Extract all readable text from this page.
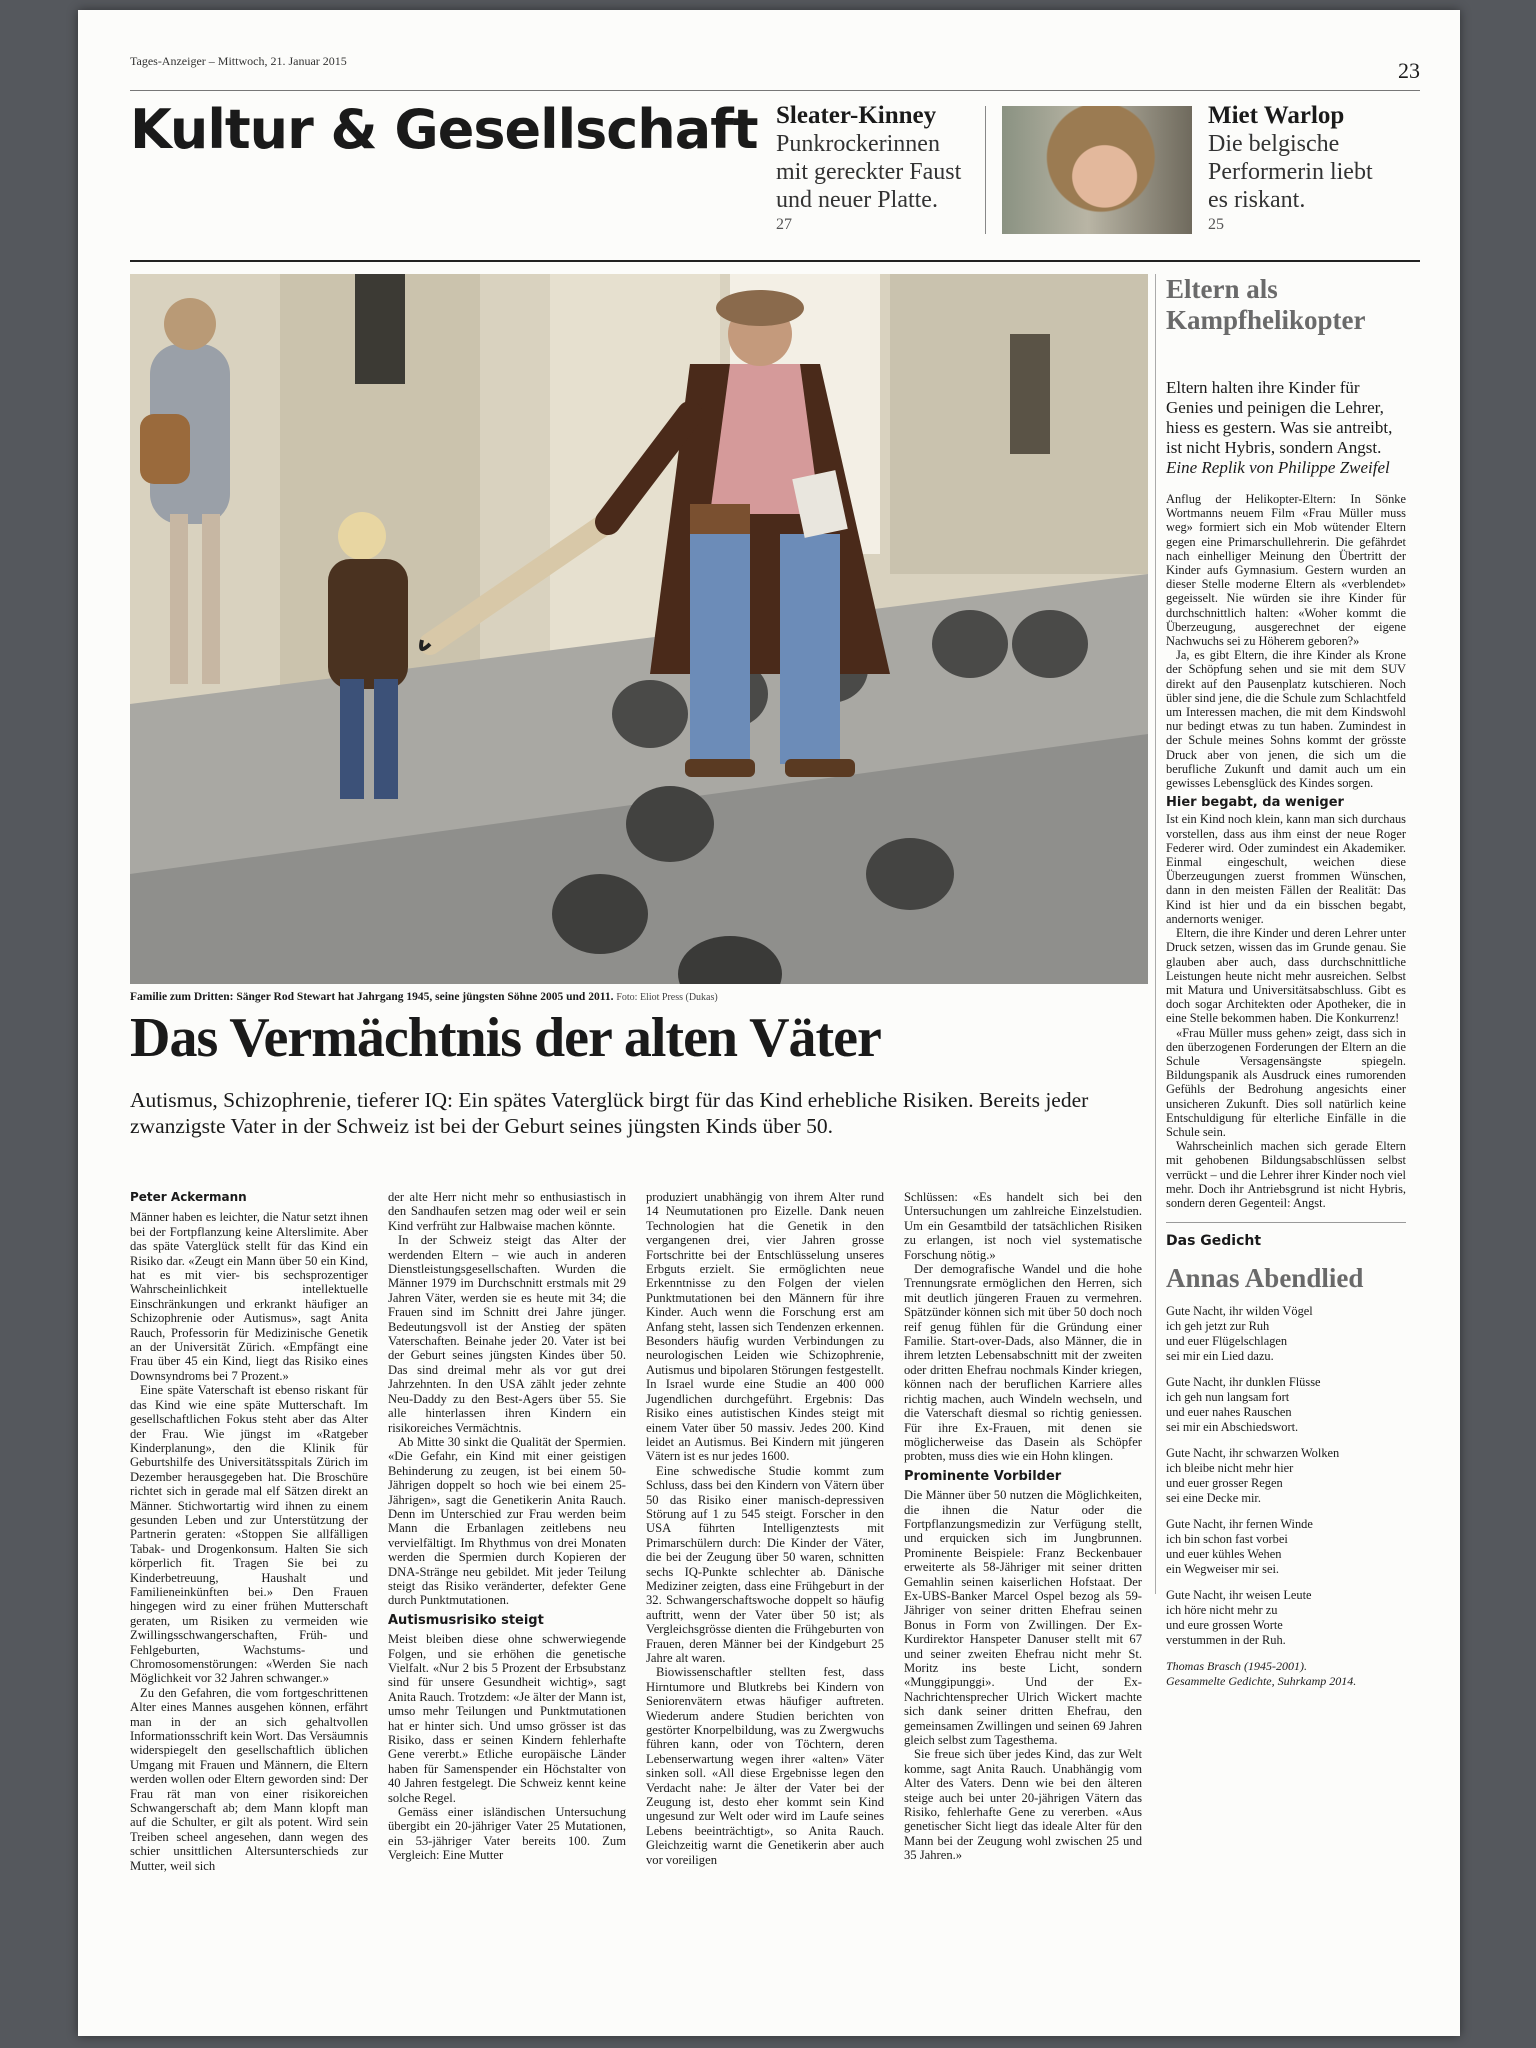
Tages-Anzeiger – Mittwoch, 21. Januar 2015	23
Kultur & Gesellschaft Sleater-Kinney
Punkrockerinnen
mit gereckter Faust
und neuer Platte.
27
Miet Warlop
Die belgische
Performerin liebt
es riskant.
25
Familie zum Dritten: Sänger Rod Stewart hat Jahrgang 1945, seine jüngsten Söhne 2005 und 2011. Foto: Eliot Press (Dukas)
Das Vermächtnis der alten Väter
Autismus, Schizophrenie, tieferer IQ: Ein spätes Vaterglück birgt für das Kind erhebliche Risiken. Bereits jeder zwanzigste Vater in der Schweiz ist bei der Geburt seines jüngsten Kinds über 50.
Peter Ackermann

Männer haben es leichter, die Natur setzt ihnen bei der Fortpflanzung keine Alterslimite. Aber das späte Vaterglück stellt für das Kind ein Risiko dar. «Zeugt ein Mann über 50 ein Kind, hat es mit vier- bis sechsprozentiger Wahrscheinlichkeit intellektuelle Einschränkungen und erkrankt häufiger an Schizophrenie oder Autismus», sagt Anita Rauch, Professorin für Medizinische Genetik an der Universität Zürich. «Empfängt eine Frau über 45 ein Kind, liegt das Risiko eines Downsyndroms bei 7 Prozent.»

Eine späte Vaterschaft ist ebenso riskant für das Kind wie eine späte Mutterschaft. Im gesellschaftlichen Fokus steht aber das Alter der Frau. Wie jüngst im «Ratgeber Kinderplanung», den die Klinik für Geburtshilfe des Universitätsspitals Zürich im Dezember herausgegeben hat. Die Broschüre richtet sich in gerade mal elf Sätzen direkt an Männer. Stichwortartig wird ihnen zu einem gesunden Leben und zur Unterstützung der Partnerin geraten: «Stoppen Sie allfälligen Tabak- und Drogenkonsum. Halten Sie sich körperlich fit. Tragen Sie bei zu Kinderbetreuung, Haushalt und Familieneinkünften bei.» Den Frauen hingegen wird zu einer frühen Mutterschaft geraten, um Risiken zu vermeiden wie Zwillingsschwangerschaften, Früh- und Fehlgeburten, Wachstums- und Chromosomenstörungen: «Werden Sie nach Möglichkeit vor 32 Jahren schwanger.»

Zu den Gefahren, die vom fortgeschrittenen Alter eines Mannes ausgehen können, erfährt man in der an sich gehaltvollen Informationsschrift kein Wort. Das Versäumnis widerspiegelt den gesellschaftlich üblichen Umgang mit Frauen und Männern, die Eltern werden wollen oder Eltern geworden sind: Der Frau rät man von einer risikoreichen Schwangerschaft ab; dem Mann klopft man auf die Schulter, er gilt als potent. Wird sein Treiben scheel angesehen, dann wegen des schier unsittlichen Altersunterschieds zur Mutter, weil sich

der alte Herr nicht mehr so enthusiastisch in den Sandhaufen setzen mag oder weil er sein Kind verfrüht zur Halbwaise machen könnte.

In der Schweiz steigt das Alter der werdenden Eltern – wie auch in anderen Dienstleistungsgesellschaften. Wurden die Männer 1979 im Durchschnitt erstmals mit 29 Jahren Väter, werden sie es heute mit 34; die Frauen sind im Schnitt drei Jahre jünger. Bedeutungsvoll ist der Anstieg der späten Vaterschaften. Beinahe jeder 20. Vater ist bei der Geburt seines jüngsten Kindes über 50. Das sind dreimal mehr als vor gut drei Jahrzehnten. In den USA zählt jeder zehnte Neu-Daddy zu den Best-Agers über 55. Sie alle hinterlassen ihren Kindern ein risikoreiches Vermächtnis.

Ab Mitte 30 sinkt die Qualität der Spermien. «Die Gefahr, ein Kind mit einer geistigen Behinderung zu zeugen, ist bei einem 50-Jährigen doppelt so hoch wie bei einem 25-Jährigen», sagt die Genetikerin Anita Rauch. Denn im Unterschied zur Frau werden beim Mann die Erbanlagen zeitlebens neu vervielfältigt. Im Rhythmus von drei Monaten werden die Spermien durch Kopieren der DNA-Stränge neu gebildet. Mit jeder Teilung steigt das Risiko veränderter, defekter Gene durch Punktmutationen.

Autismusrisiko steigt

Meist bleiben diese ohne schwerwiegende Folgen, und sie erhöhen die genetische Vielfalt. «Nur 2 bis 5 Prozent der Erbsubstanz sind für unsere Gesundheit wichtig», sagt Anita Rauch. Trotzdem: «Je älter der Mann ist, umso mehr Teilungen und Punktmutationen hat er hinter sich. Und umso grösser ist das Risiko, dass er seinen Kindern fehlerhafte Gene vererbt.» Etliche europäische Länder haben für Samenspender ein Höchstalter von 40 Jahren festgelegt. Die Schweiz kennt keine solche Regel.

Gemäss einer isländischen Untersuchung übergibt ein 20-jähriger Vater 25 Mutationen, ein 53-jähriger Vater bereits 100. Zum Vergleich: Eine Mutter

produziert unabhängig von ihrem Alter rund 14 Neumutationen pro Eizelle. Dank neuen Technologien hat die Genetik in den vergangenen drei, vier Jahren grosse Fortschritte bei der Entschlüsselung unseres Erbguts erzielt. Sie ermöglichten neue Erkenntnisse zu den Folgen der vielen Punktmutationen bei den Männern für ihre Kinder. Auch wenn die Forschung erst am Anfang steht, lassen sich Tendenzen erkennen. Besonders häufig wurden Verbindungen zu neurologischen Leiden wie Schizophrenie, Autismus und bipolaren Störungen festgestellt. In Israel wurde eine Studie an 400 000 Jugendlichen durchgeführt. Ergebnis: Das Risiko eines autistischen Kindes steigt mit einem Vater über 50 massiv. Jedes 200. Kind leidet an Autismus. Bei Kindern mit jüngeren Vätern ist es nur jedes 1600.

Eine schwedische Studie kommt zum Schluss, dass bei den Kindern von Vätern über 50 das Risiko einer manisch-depressiven Störung auf 1 zu 545 steigt. Forscher in den USA führten Intelligenztests mit Primarschülern durch: Die Kinder der Väter, die bei der Zeugung über 50 waren, schnitten sechs IQ-Punkte schlechter ab. Dänische Mediziner zeigten, dass eine Frühgeburt in der 32. Schwangerschaftswoche doppelt so häufig auftritt, wenn der Vater über 50 ist; als Vergleichsgrösse dienten die Frühgeburten von Frauen, deren Männer bei der Kindgeburt 25 Jahre alt waren.

Biowissenschaftler stellten fest, dass Hirntumore und Blutkrebs bei Kindern von Seniorenvätern etwas häufiger auftreten. Wiederum andere Studien berichten von gestörter Knorpelbildung, was zu Zwergwuchs führen kann, oder von Töchtern, deren Lebenserwartung wegen ihrer «alten» Väter sinken soll. «All diese Ergebnisse legen den Verdacht nahe: Je älter der Vater bei der Zeugung ist, desto eher kommt sein Kind ungesund zur Welt oder wird im Laufe seines Lebens beeinträchtigt», so Anita Rauch. Gleichzeitig warnt die Genetikerin aber auch vor voreiligen

Schlüssen: «Es handelt sich bei den Untersuchungen um zahlreiche Einzelstudien. Um ein Gesamtbild der tatsächlichen Risiken zu erlangen, ist noch viel systematische Forschung nötig.»

Der demografische Wandel und die hohe Trennungsrate ermöglichen den Herren, sich mit deutlich jüngeren Frauen zu vermehren. Spätzünder können sich mit über 50 doch noch reif genug fühlen für die Gründung einer Familie. Start-over-Dads, also Männer, die in ihrem letzten Lebensabschnitt mit der zweiten oder dritten Ehefrau nochmals Kinder kriegen, können nach der beruflichen Karriere alles richtig machen, auch Windeln wechseln, und die Vaterschaft diesmal so richtig geniessen. Für ihre Ex-Frauen, mit denen sie möglicherweise das Dasein als Schöpfer probten, muss dies wie ein Hohn klingen.

Prominente Vorbilder

Die Männer über 50 nutzen die Möglichkeiten, die ihnen die Natur oder die Fortpflanzungsmedizin zur Verfügung stellt, und erquicken sich im Jungbrunnen. Prominente Beispiele: Franz Beckenbauer erweiterte als 58-Jähriger mit seiner dritten Gemahlin seinen kaiserlichen Hofstaat. Der Ex-UBS-Banker Marcel Ospel bezog als 59-Jähriger von seiner dritten Ehefrau seinen Bonus in Form von Zwillingen. Der Ex-Kurdirektor Hanspeter Danuser stellt mit 67 und seiner zweiten Ehefrau nicht mehr St. Moritz ins beste Licht, sondern «Munggipunggi». Und der Ex-Nachrichtensprecher Ulrich Wickert machte sich dank seiner dritten Ehefrau, den gemeinsamen Zwillingen und seinen 69 Jahren gleich selbst zum Tagesthema.

Sie freue sich über jedes Kind, das zur Welt komme, sagt Anita Rauch. Unabhängig vom Alter des Vaters. Denn wie bei den älteren steige auch bei unter 20-jährigen Vätern das Risiko, fehlerhafte Gene zu vererben. «Aus genetischer Sicht liegt das ideale Alter für den Mann bei der Zeugung wohl zwischen 25 und 35 Jahren.»

Eltern als
Kampfhelikopter
Eltern halten ihre Kinder für Genies und peinigen die Lehrer, hiess es gestern. Was sie antreibt, ist nicht Hybris, sondern Angst. Eine Replik von Philippe Zweifel

Anflug der Helikopter-Eltern: In Sönke Wortmanns neuem Film «Frau Müller muss weg» formiert sich ein Mob wütender Eltern gegen eine Primarschullehrerin. Die gefährdet nach einhelliger Meinung den Übertritt der Kinder aufs Gymnasium. Gestern wurden an dieser Stelle moderne Eltern als «verblendet» gegeisselt. Nie würden sie ihre Kinder für durchschnittlich halten: «Woher kommt die Überzeugung, ausgerechnet der eigene Nachwuchs sei zu Höherem geboren?»

Ja, es gibt Eltern, die ihre Kinder als Krone der Schöpfung sehen und sie mit dem SUV direkt auf den Pausenplatz kutschieren. Noch übler sind jene, die die Schule zum Schlachtfeld um Interessen machen, die mit dem Kindswohl nur bedingt etwas zu tun haben. Zumindest in der Schule meines Sohns kommt der grösste Druck aber von jenen, die sich um die berufliche Zukunft und damit auch um ein gewisses Lebensglück des Kindes sorgen.

Hier begabt, da weniger

Ist ein Kind noch klein, kann man sich durchaus vorstellen, dass aus ihm einst der neue Roger Federer wird. Oder zumindest ein Akademiker. Einmal eingeschult, weichen diese Überzeugungen zuerst frommen Wünschen, dann in den meisten Fällen der Realität: Das Kind ist hier und da ein bisschen begabt, andernorts weniger.

Eltern, die ihre Kinder und deren Lehrer unter Druck setzen, wissen das im Grunde genau. Sie glauben aber auch, dass durchschnittliche Leistungen heute nicht mehr ausreichen. Selbst mit Matura und Universitätsabschluss. Gibt es doch sogar Architekten oder Apotheker, die in eine Stelle bekommen haben. Die Konkurrenz!

«Frau Müller muss gehen» zeigt, dass sich in den überzogenen Forderungen der Eltern an die Schule Versagensängste spiegeln. Bildungspanik als Ausdruck eines rumorenden Gefühls der Bedrohung angesichts einer unsicheren Zukunft. Dies soll natürlich keine Entschuldigung für elterliche Einfälle in die Schule sein.

Wahrscheinlich machen sich gerade Eltern mit gehobenen Bildungsabschlüssen selbst verrückt – und die Lehrer ihrer Kinder noch viel mehr. Doch ihr Antriebsgrund ist nicht Hybris, sondern deren Gegenteil: Angst.

Das Gedicht
Annas Abendlied
Gute Nacht, ihr wilden Vögel
ich geh jetzt zur Ruh
und euer Flügelschlagen
sei mir ein Lied dazu.
Gute Nacht, ihr dunklen Flüsse
ich geh nun langsam fort
und euer nahes Rauschen
sei mir ein Abschiedswort.
Gute Nacht, ihr schwarzen Wolken
ich bleibe nicht mehr hier
und euer grosser Regen
sei eine Decke mir.
Gute Nacht, ihr fernen Winde
ich bin schon fast vorbei
und euer kühles Wehen
ein Wegweiser mir sei.
Gute Nacht, ihr weisen Leute
ich höre nicht mehr zu
und eure grossen Worte
verstummen in der Ruh.
Thomas Brasch (1945-2001).
Gesammelte Gedichte, Suhrkamp 2014.
